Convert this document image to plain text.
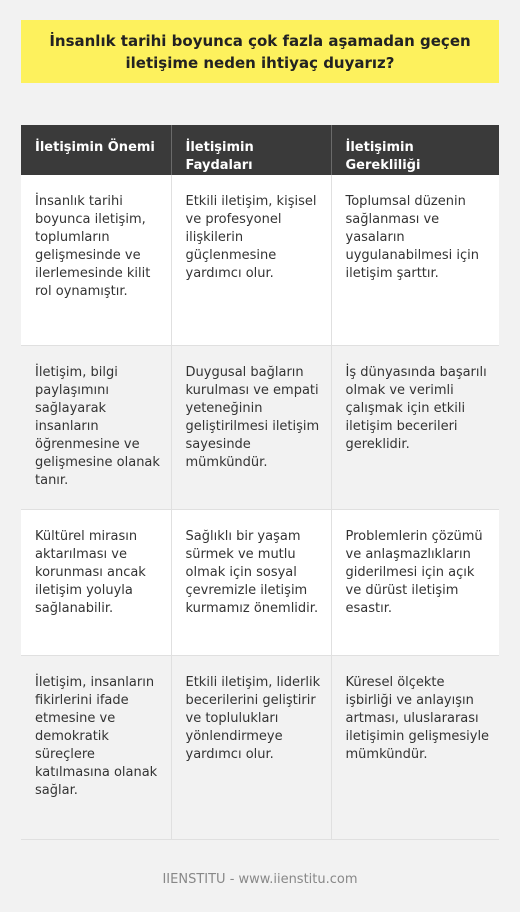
İnsanlık tarihi boyunca çok fazla aşamadan geçen iletişime neden ihtiyaç duyarız?
İletişimin Önemi	İletişimin Faydaları	İletişimin Gerekliliği
İnsanlık tarihi boyunca iletişim, toplumların gelişmesinde ve ilerlemesinde kilit rol oynamıştır.	Etkili iletişim, kişisel ve profesyonel ilişkilerin güçlenmesine yardımcı olur.	Toplumsal düzenin sağlanması ve yasaların uygulanabilmesi için iletişim şarttır.
İletişim, bilgi paylaşımını sağlayarak insanların öğrenmesine ve gelişmesine olanak tanır.	Duygusal bağların kurulması ve empati yeteneğinin geliştirilmesi iletişim sayesinde mümkündür.	İş dünyasında başarılı olmak ve verimli çalışmak için etkili iletişim becerileri gereklidir.
Kültürel mirasın aktarılması ve korunması ancak iletişim yoluyla sağlanabilir.	Sağlıklı bir yaşam sürmek ve mutlu olmak için sosyal çevremizle iletişim kurmamız önemlidir.	Problemlerin çözümü ve anlaşmazlıkların giderilmesi için açık ve dürüst iletişim esastır.
İletişim, insanların fikirlerini ifade etmesine ve demokratik süreçlere katılmasına olanak sağlar.	Etkili iletişim, liderlik becerilerini geliştirir ve toplulukları yönlendirmeye yardımcı olur.	Küresel ölçekte işbirliği ve anlayışın artması, uluslararası iletişimin gelişmesiyle mümkündür.
IIENSTITU - www.iienstitu.com
